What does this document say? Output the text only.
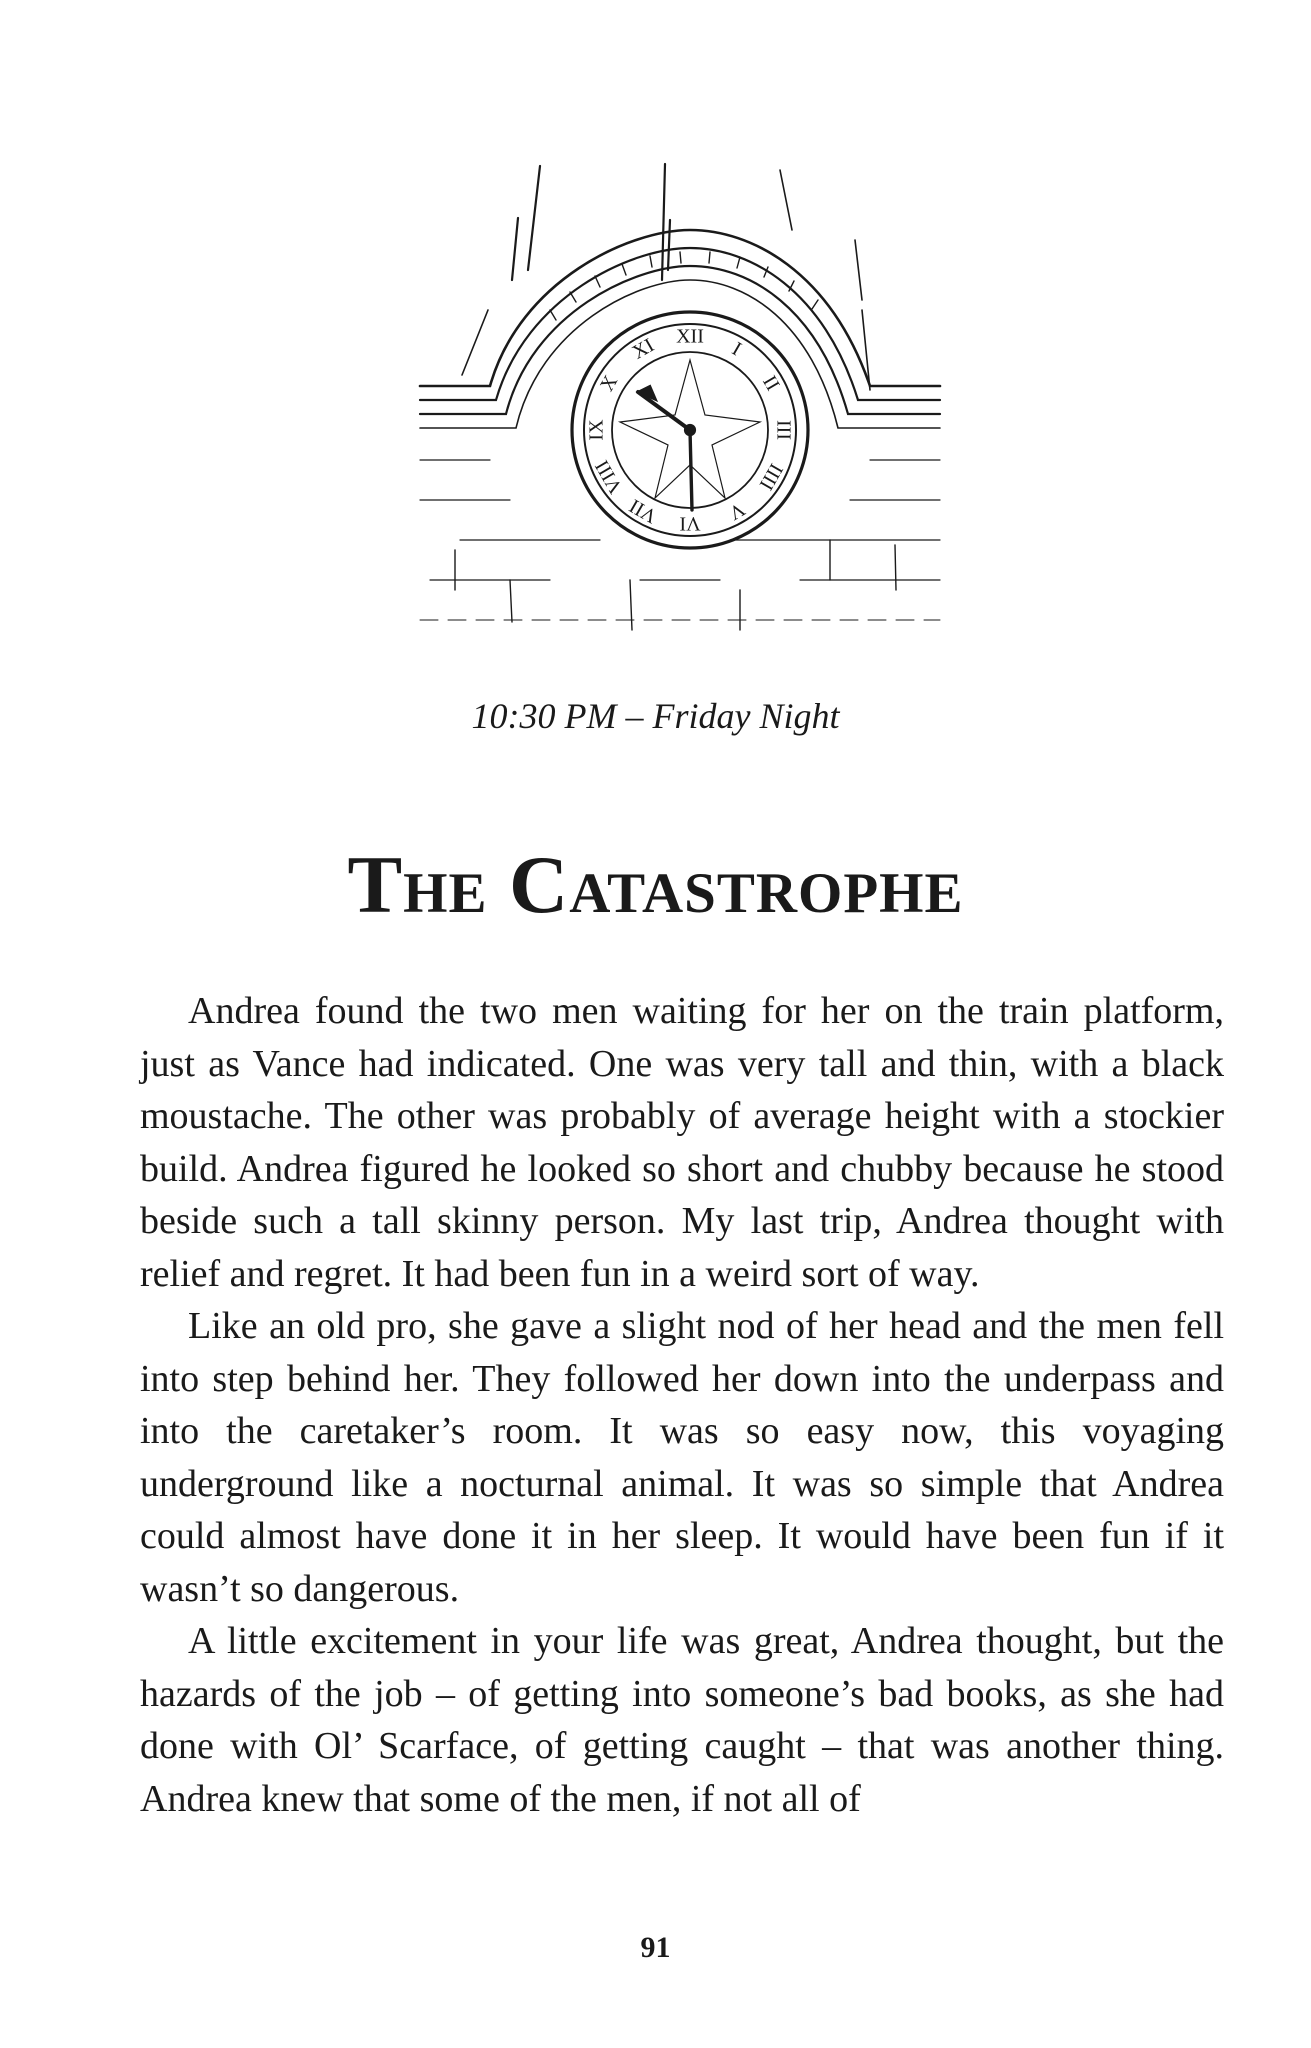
XII
I
II
III
IIII
V
VI
VII
VIII
IX
X
XI
10:30 PM – Friday Night
The Catastrophe

Andrea found the two men waiting for her on the train platform, just as Vance had indicated. One was very tall and thin, with a black moustache. The other was probably of average height with a stockier build. Andrea figured he looked so short and chubby because he stood beside such a tall skinny person. My last trip, Andrea thought with relief and regret. It had been fun in a weird sort of way.

Like an old pro, she gave a slight nod of her head and the men fell into step behind her. They followed her down into the underpass and into the caretaker’s room. It was so easy now, this voyaging underground like a nocturnal animal. It was so simple that Andrea could almost have done it in her sleep. It would have been fun if it wasn’t so dangerous.

A little excitement in your life was great, Andrea thought, but the hazards of the job – of getting into someone’s bad books, as she had done with Ol’ Scarface, of getting caught – that was another thing. Andrea knew that some of the men, if not all of

91
